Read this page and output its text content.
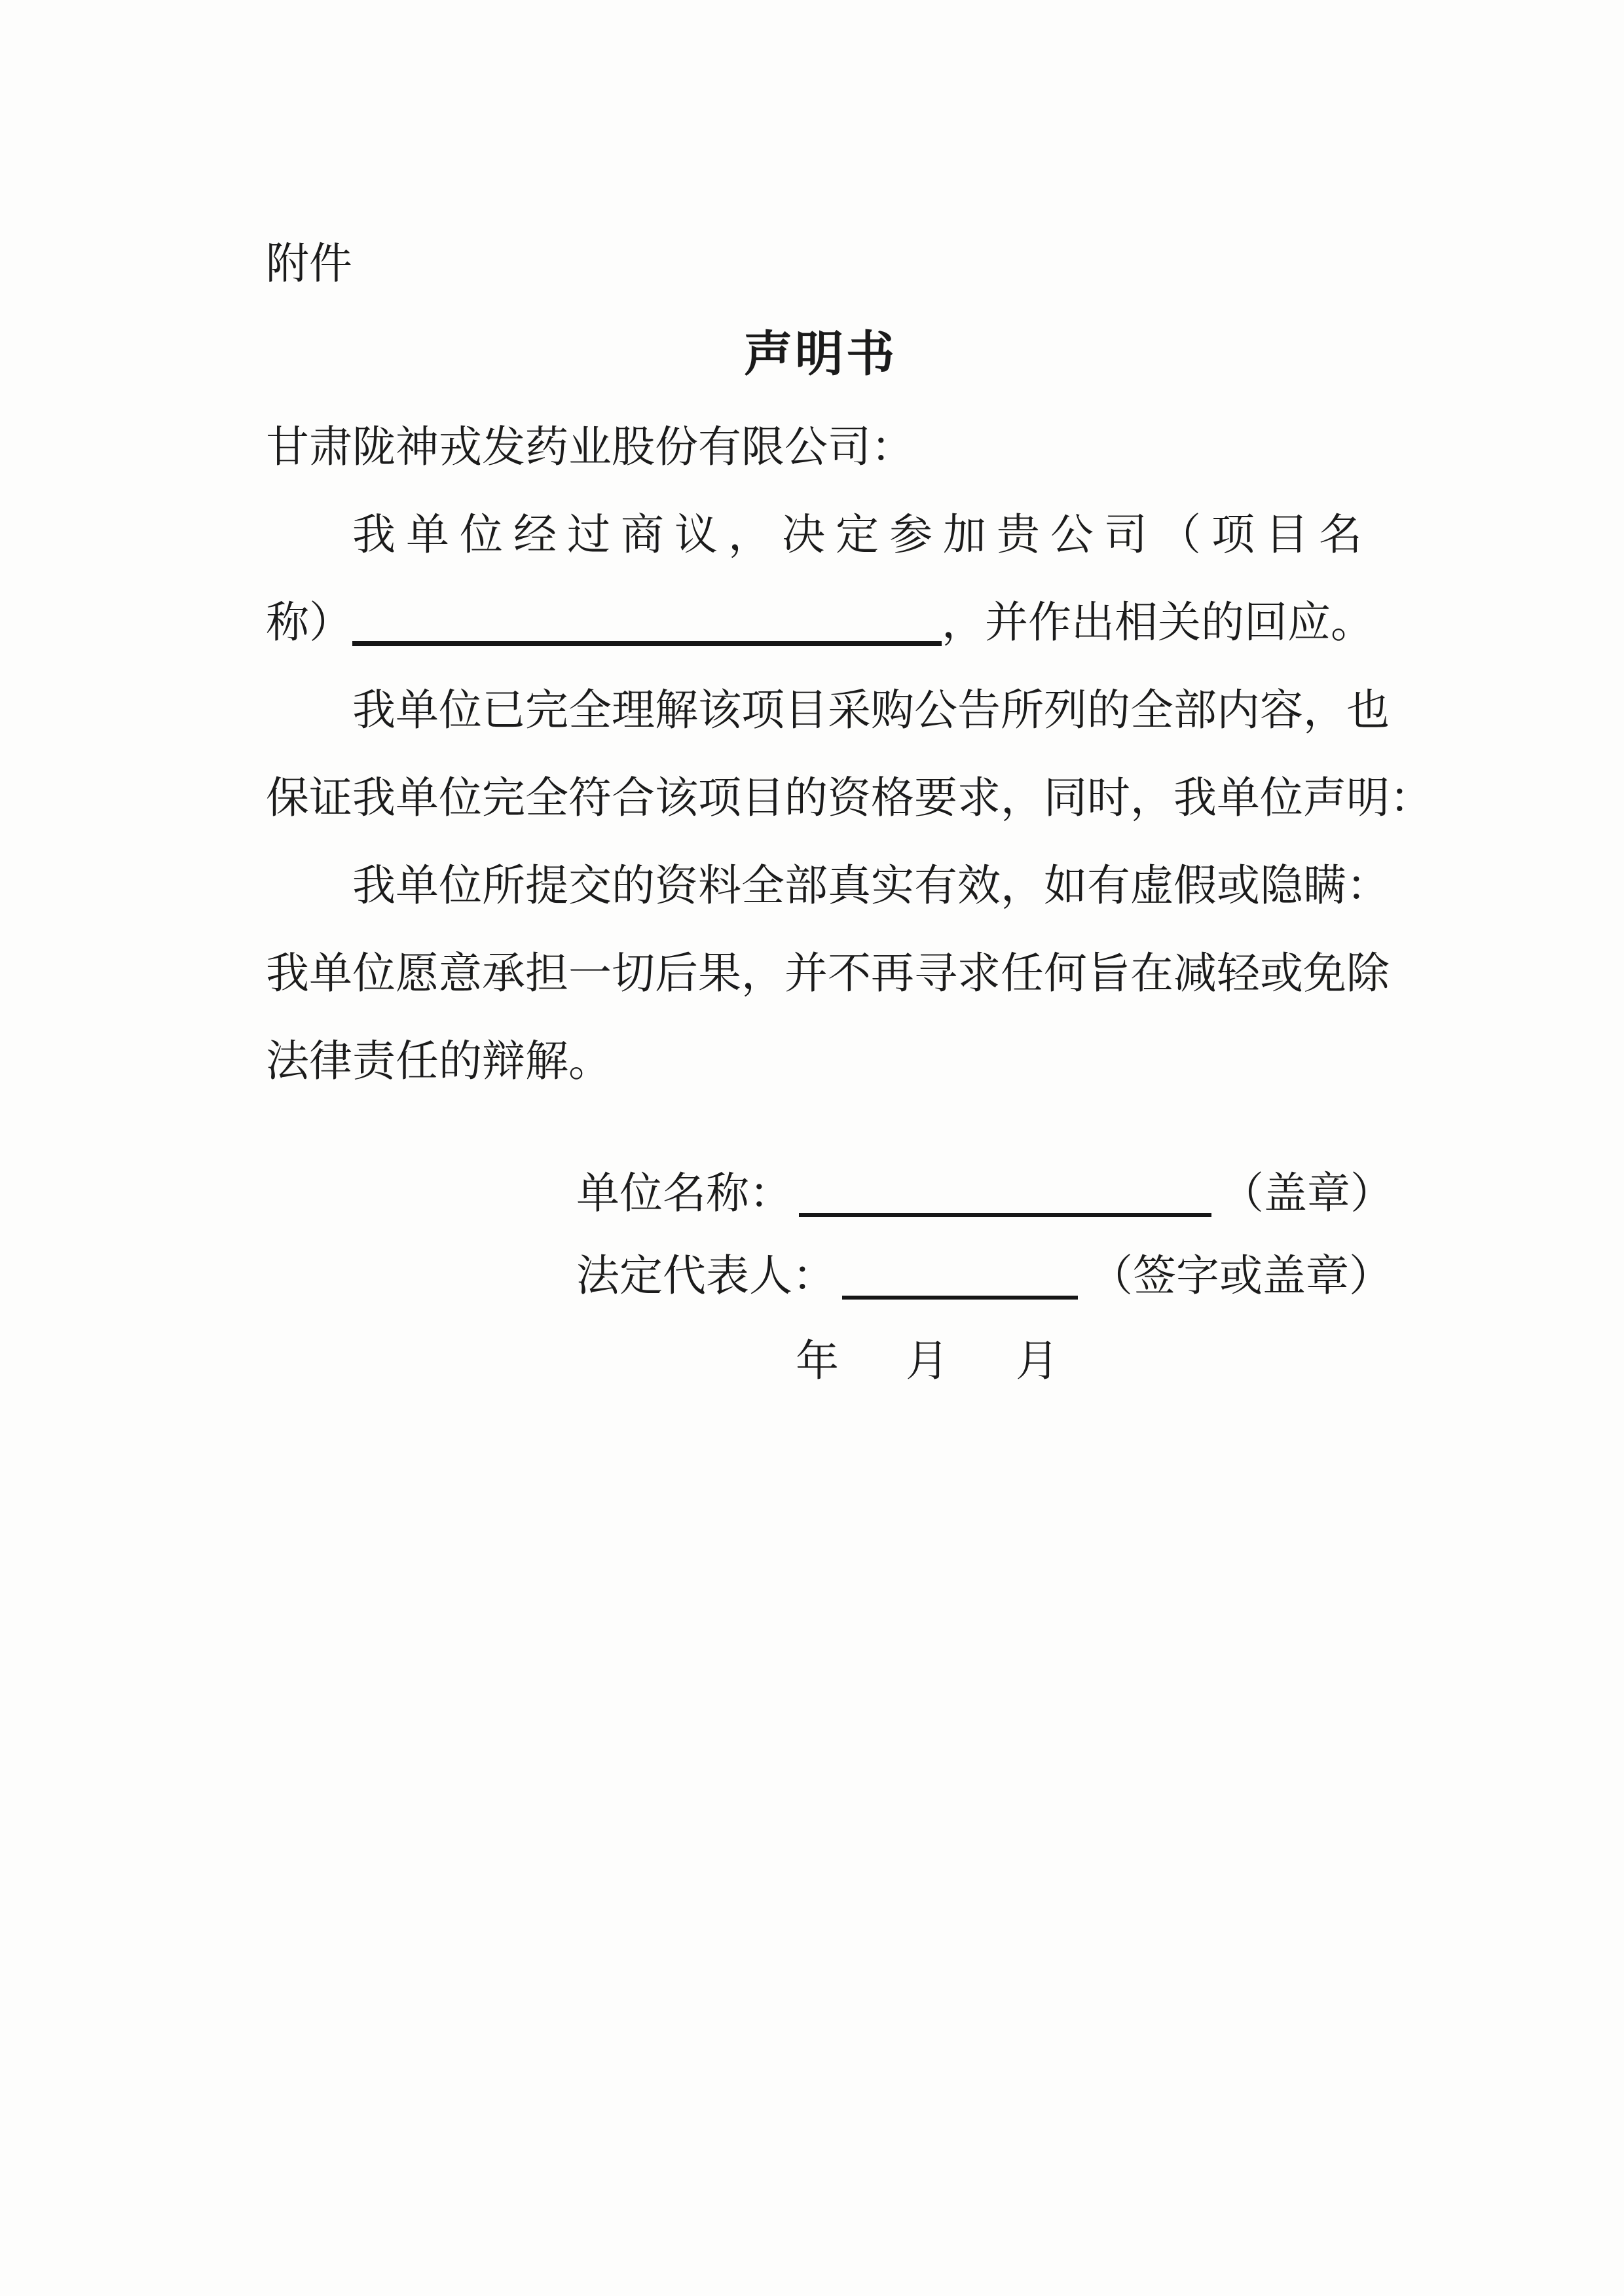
附件
声明书
甘肃陇神戎发药业股份有限公司：
我单位经过商议，决定参加贵公司（项目名
称）	，并作出相关的回应。
我单位已完全理解该项目采购公告所列的全部内容，也
保证我单位完全符合该项目的资格要求，同时，我单位声明：
我单位所提交的资料全部真实有效，如有虚假或隐瞒：
我单位愿意承担一切后果，并不再寻求任何旨在减轻或免除
法律责任的辩解。
单位名称：	（盖章）
法定代表人：	（签字或盖章）
年　月　月
